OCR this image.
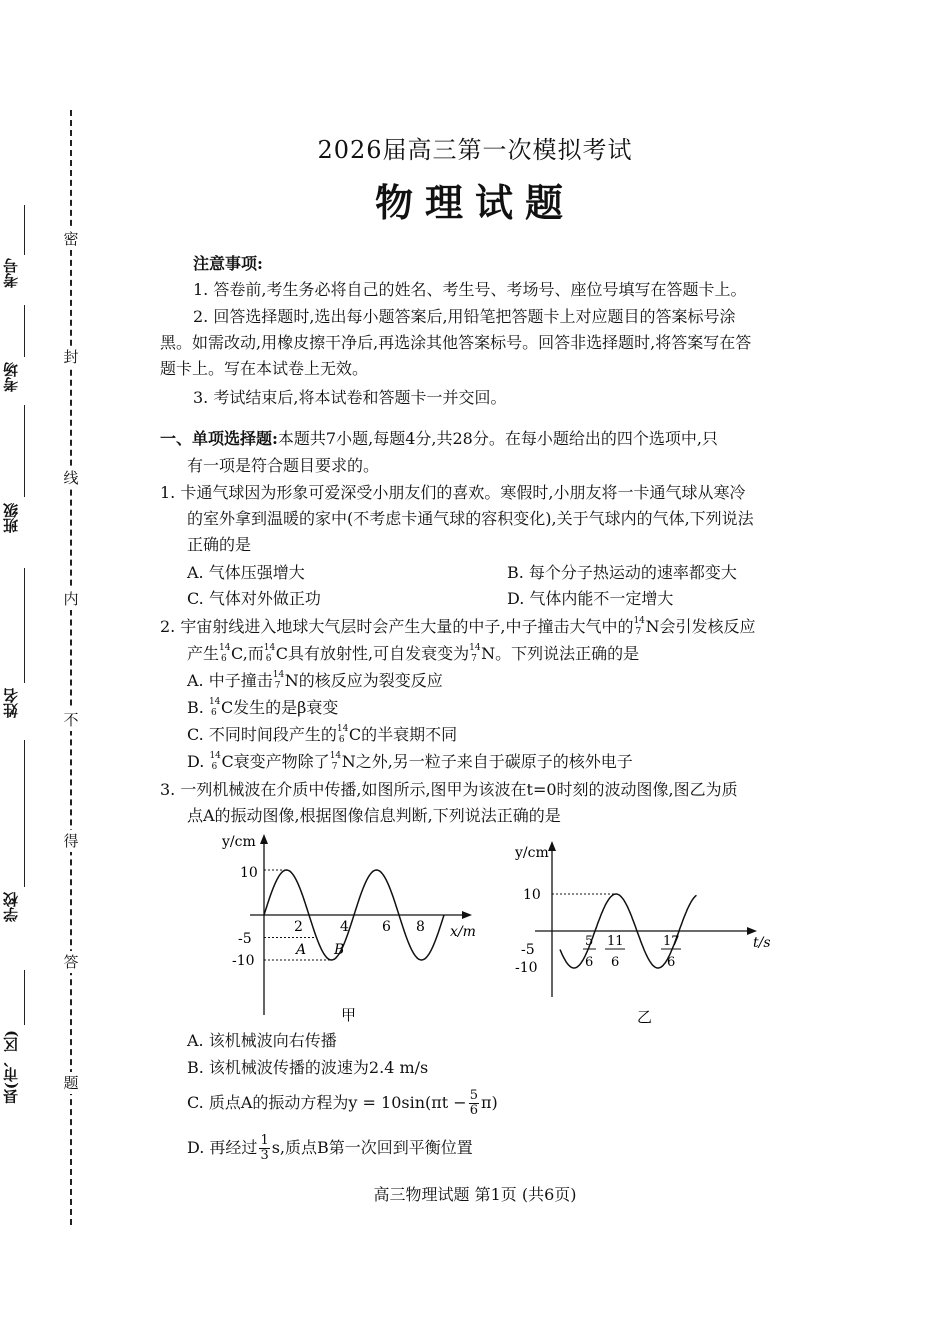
密
封
线
内
不
得
答
题
考号
考场
班级
姓名
学校
县(市、区)
2026届高三第一次模拟考试
物理试题
注意事项:
1. 答卷前,考生务必将自己的姓名、考生号、考场号、座位号填写在答题卡上。
2. 回答选择题时,选出每小题答案后,用铅笔把答题卡上对应题目的答案标号涂
黑。如需改动,用橡皮擦干净后,再选涂其他答案标号。回答非选择题时,将答案写在答
题卡上。写在本试卷上无效。
3. 考试结束后,将本试卷和答题卡一并交回。
一、单项选择题:本题共7小题,每题4分,共28分。在每小题给出的四个选项中,只
有一项是符合题目要求的。
1. 卡通气球因为形象可爱深受小朋友们的喜欢。寒假时,小朋友将一卡通气球从寒冷
的室外拿到温暖的家中(不考虑卡通气球的容积变化),关于气球内的气体,下列说法
正确的是
A. 气体压强增大	B. 每个分子热运动的速率都变大
C. 气体对外做正功	D. 气体内能不一定增大
2. 宇宙射线进入地球大气层时会产生大量的中子,中子撞击大气中的 14
7 N会引发核反应
产生 14
6 C,而 14
6 C具有放射性,可自发衰变为 14
7 N。下列说法正确的是
A. 中子撞击 14
7 N的核反应为裂变反应
B. 14
6 C发生的是β衰变
C. 不同时间段产生的 14
6 C的半衰期不同
D. 14
6 C衰变产物除了 14
7 N之外,另一粒子来自于碳原子的核外电子
3. 一列机械波在介质中传播,如图所示,图甲为该波在t=0时刻的波动图像,图乙为质
点A的振动图像,根据图像信息判断,下列说法正确的是
y/cm
x/m
10
-5
-10
2	4 6 8
A B
甲
y/cm
t/s
10
-5
-10
5
6
11
6
17
6
乙
A. 该机械波向右传播
B. 该机械波传播的波速为2.4 m/s
C. 质点A的振动方程为$y = 10\sin(\pi t - \frac{5}{6} \pi)$
D. 再经过 $\frac{1}{3} s$,质点B第一次回到平衡位置
高三物理试题 第1页 (共6页)
